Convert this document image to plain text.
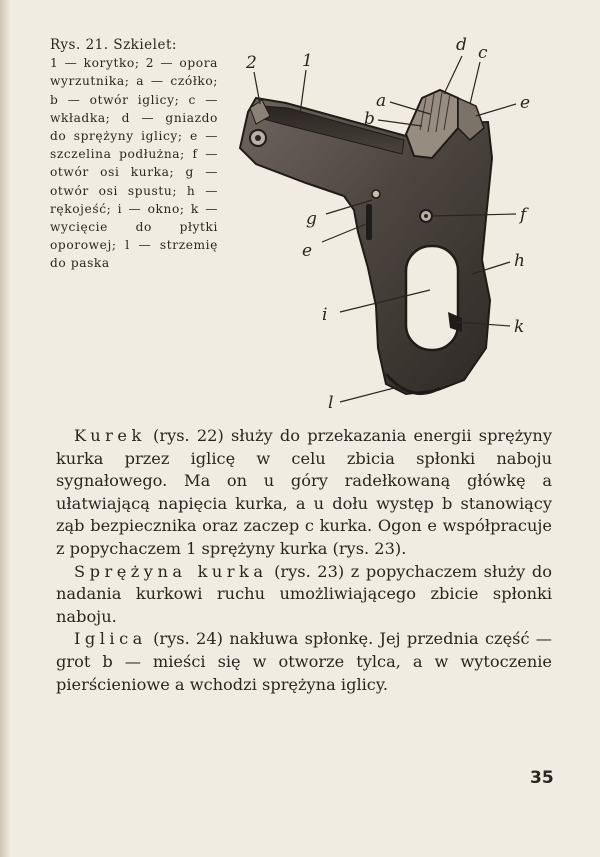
Rys. 21. Szkielet:
1 — korytko; 2 — opora wyrzutnika; a — czółko; b — otwór iglicy; c — wkładka; d — gniazdo do sprężyny iglicy; e — szczelina podłużna; f — otwór osi kurka; g — otwór osi spustu; h — rękojeść; i — okno; k — wycięcie do płytki oporowej; l — strzemię do paska
2	1
d c
a
b
e
g
e
f
h
i
k
l

Kurek (rys. 22) służy do przekazania energii sprężyny kurka przez iglicę w celu zbicia spłonki naboju sygnałowego. Ma on u góry radełkowaną główkę a ułatwiającą napięcia kurka, a u dołu występ b stanowiący ząb bezpiecznika oraz zaczep c kurka. Ogon e współpracuje z popychaczem 1 sprężyny kurka (rys. 23).

Sprężyna kurka (rys. 23) z popychaczem służy do nadania kurkowi ruchu umożliwiającego zbicie spłonki naboju.

Iglica (rys. 24) nakłuwa spłonkę. Jej przednia część — grot b — mieści się w otworze tylca, a w wytoczenie pierścieniowe a wchodzi sprężyna iglicy.

35
